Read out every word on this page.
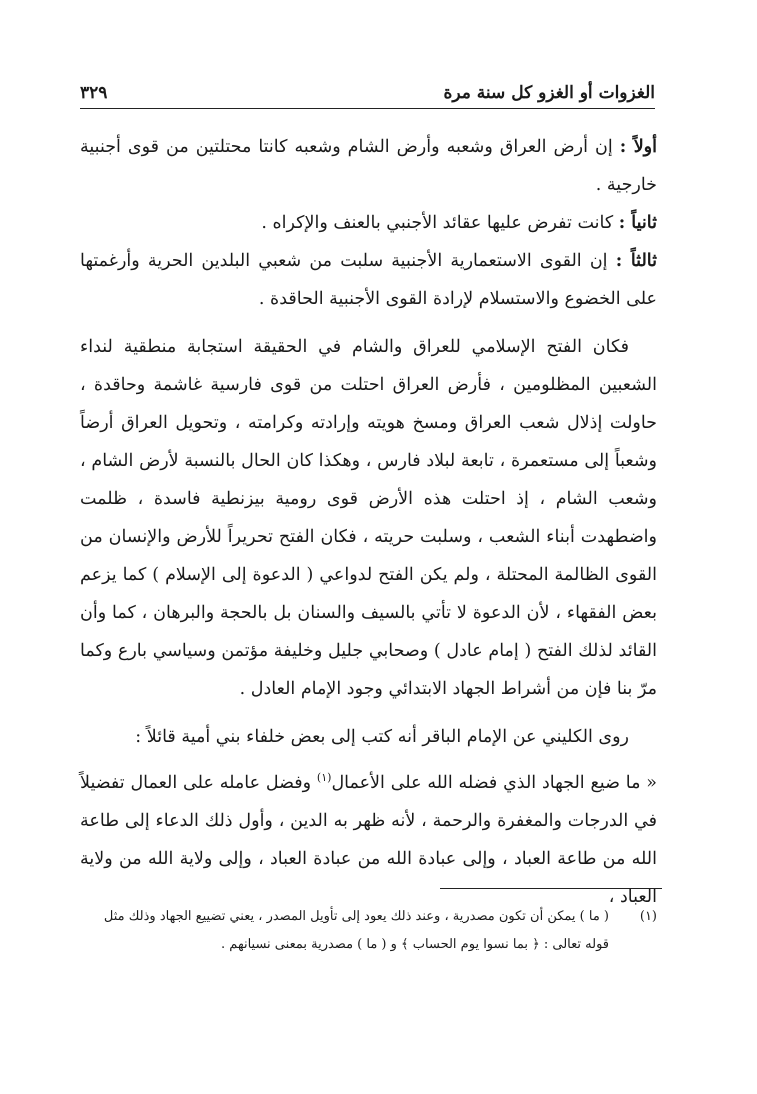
الغزوات أو الغزو كل سنة مرة
٣٢٩

أولاً : إن أرض العراق وشعبه وأرض الشام وشعبه كانتا محتلتين من قوى أجنبية خارجية .

ثانياً : كانت تفرض عليها عقائد الأجنبي بالعنف والإكراه .

ثالثاً : إن القوى الاستعمارية الأجنبية سلبت من شعبي البلدين الحرية وأرغمتها على الخضوع والاستسلام لإرادة القوى الأجنبية الحاقدة .

فكان الفتح الإسلامي للعراق والشام في الحقيقة استجابة منطقية لنداء الشعبين المظلومين ، فأرض العراق احتلت من قوى فارسية غاشمة وحاقدة ، حاولت إذلال شعب العراق ومسخ هويته وإرادته وكرامته ، وتحويل العراق أرضاً وشعباً إلى مستعمرة ، تابعة لبلاد فارس ، وهكذا كان الحال بالنسبة لأرض الشام ، وشعب الشام ، إذ احتلت هذه الأرض قوى رومية بيزنطية فاسدة ، ظلمت واضطهدت أبناء الشعب ، وسلبت حريته ، فكان الفتح تحريراً للأرض والإنسان من القوى الظالمة المحتلة ، ولم يكن الفتح لدواعي ( الدعوة إلى الإسلام ) كما يزعم بعض الفقهاء ، لأن الدعوة لا تأتي بالسيف والسنان بل بالحجة والبرهان ، كما وأن القائد لذلك الفتح ( إمام عادل ) وصحابي جليل وخليفة مؤتمن وسياسي بارع وكما مرّ بنا فإن من أشراط الجهاد الابتدائي وجود الإمام العادل .

روى الكليني عن الإمام الباقر أنه كتب إلى بعض خلفاء بني أمية قائلاً :

« ما ضيع الجهاد الذي فضله الله على الأعمال$^{(١)}$ وفضل عامله على العمال تفضيلاً في الدرجات والمغفرة والرحمة ، لأنه ظهر به الدين ، وأول ذلك الدعاء إلى طاعة الله من طاعة العباد ، وإلى عبادة الله من عبادة العباد ، وإلى ولاية الله من ولاية العباد ،

(١)
( ما ) يمكن أن تكون مصدرية ، وعند ذلك يعود إلى تأويل المصدر ، يعني تضييع الجهاد وذلك مثل قوله تعالى : ﴿ بما نسوا يوم الحساب ﴾ و ( ما ) مصدرية بمعنى نسيانهم .
